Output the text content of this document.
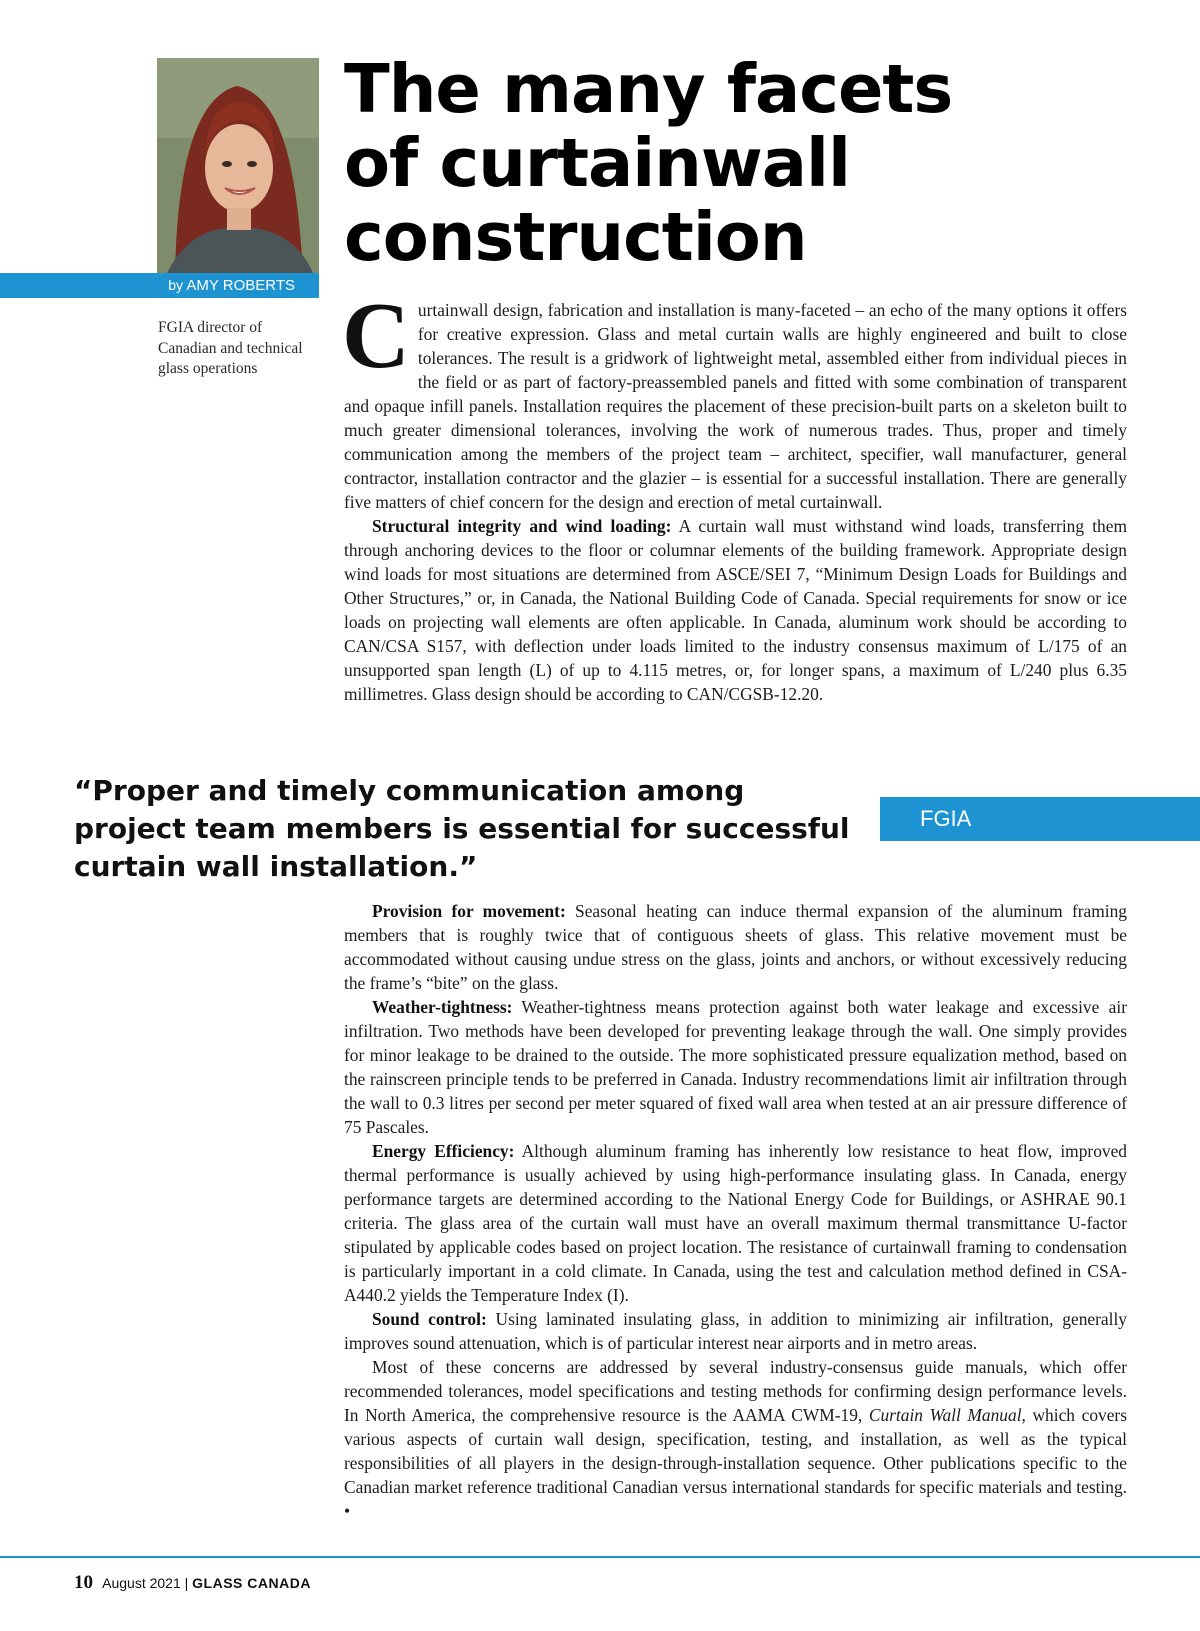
by AMY ROBERTS
FGIA director of Canadian and technical glass operations
The many facets
of curtainwall
construction

Curtainwall design, fabrication and installation is many-faceted – an echo of the many options it offers for creative expression. Glass and metal curtain walls are highly engineered and built to close tolerances. The result is a gridwork of lightweight metal, assembled either from individual pieces in the field or as part of factory-preassembled panels and fitted with some combination of transparent and opaque infill panels. Installation requires the placement of these precision-built parts on a skeleton built to much greater dimensional tolerances, involving the work of numerous trades. Thus, proper and timely communication among the members of the project team – architect, specifier, wall manufacturer, general contractor, installation contractor and the glazier – is essential for a successful installation. There are generally five matters of chief concern for the design and erection of metal curtainwall.

Structural integrity and wind loading: A curtain wall must withstand wind loads, transferring them through anchoring devices to the floor or columnar elements of the building framework. Appropriate design wind loads for most situations are determined from ASCE/SEI 7, “Minimum Design Loads for Buildings and Other Structures,” or, in Canada, the National Building Code of Canada. Special requirements for snow or ice loads on projecting wall elements are often applicable. In Canada, aluminum work should be according to CAN/CSA S157, with deflection under loads limited to the industry consensus maximum of L/175 of an unsupported span length (L) of up to 4.115 metres, or, for longer spans, a maximum of L/240 plus 6.35 millimetres. Glass design should be according to CAN/CGSB-12.20.

“Proper and timely communication among project team members is essential for successful curtain wall installation.”

FGIA

Provision for movement: Seasonal heating can induce thermal expansion of the aluminum framing members that is roughly twice that of contiguous sheets of glass. This relative movement must be accommodated without causing undue stress on the glass, joints and anchors, or without excessively reducing the frame’s “bite” on the glass.

Weather-tightness: Weather-tightness means protection against both water leakage and excessive air infiltration. Two methods have been developed for preventing leakage through the wall. One simply provides for minor leakage to be drained to the outside. The more sophisticated pressure equalization method, based on the rainscreen principle tends to be preferred in Canada. Industry recommendations limit air infiltration through the wall to 0.3 litres per second per meter squared of fixed wall area when tested at an air pressure difference of 75 Pascales.

Energy Efficiency: Although aluminum framing has inherently low resistance to heat flow, improved thermal performance is usually achieved by using high-performance insulating glass. In Canada, energy performance targets are determined according to the National Energy Code for Buildings, or ASHRAE 90.1 criteria. The glass area of the curtain wall must have an overall maximum thermal transmittance U-factor stipulated by applicable codes based on project location. The resistance of curtainwall framing to condensation is particularly important in a cold climate. In Canada, using the test and calculation method defined in CSA-A440.2 yields the Temperature Index (I).

Sound control: Using laminated insulating glass, in addition to minimizing air infiltration, generally improves sound attenuation, which is of particular interest near airports and in metro areas.

Most of these concerns are addressed by several industry-consensus guide manuals, which offer recommended tolerances, model specifications and testing methods for confirming design performance levels. In North America, the comprehensive resource is the AAMA CWM-19, Curtain Wall Manual, which covers various aspects of curtain wall design, specification, testing, and installation, as well as the typical responsibilities of all players in the design-through-installation sequence. Other publications specific to the Canadian market reference traditional Canadian versus international standards for specific materials and testing. •

10 August 2021 | GLASS CANADA
